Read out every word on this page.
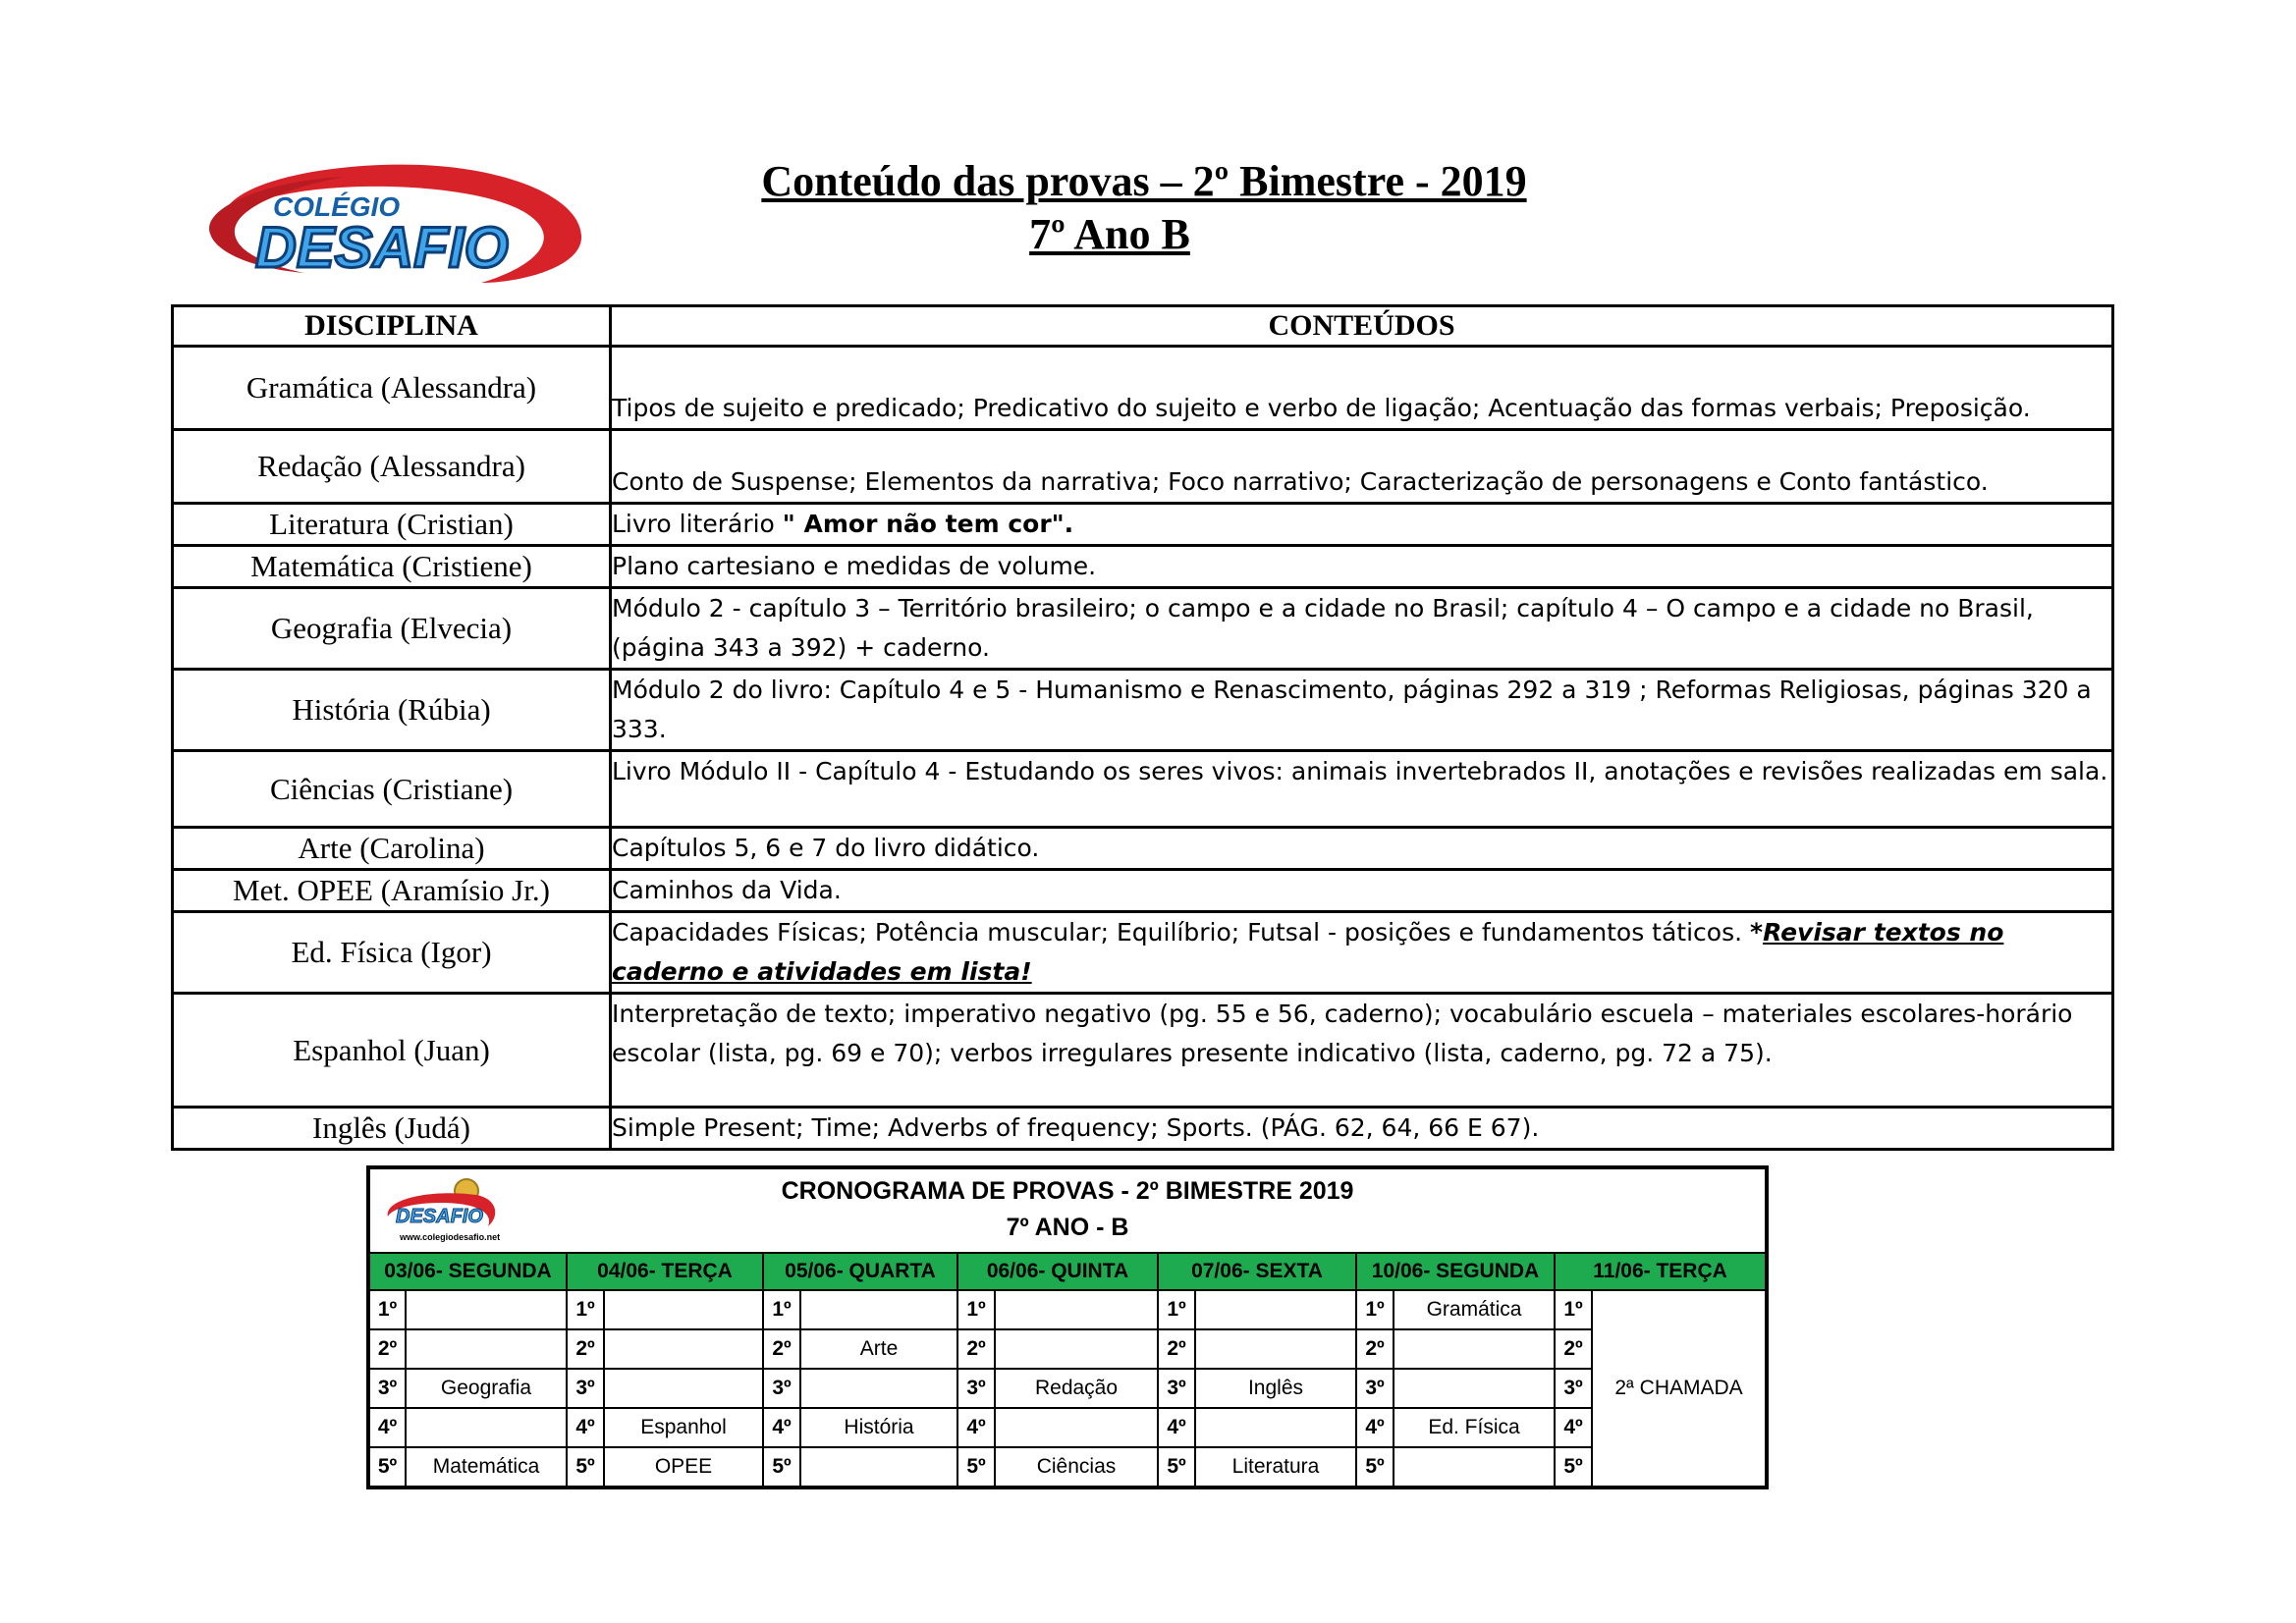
COLÉGIO
DESAFIO
Conteúdo das provas – 2º Bimestre - 2019
7º Ano B
DISCIPLINA	CONTEÚDOS
Gramática (Alessandra)	Tipos de sujeito e predicado; Predicativo do sujeito e verbo de ligação; Acentuação das formas verbais; Preposição.
Redação (Alessandra)	Conto de Suspense; Elementos da narrativa; Foco narrativo; Caracterização de personagens e Conto fantástico.
Literatura (Cristian)	Livro literário " Amor não tem cor".
Matemática (Cristiene)	Plano cartesiano e medidas de volume.
Geografia (Elvecia)	Módulo 2 - capítulo 3 – Território brasileiro; o campo e a cidade no Brasil; capítulo 4 – O campo e a cidade no Brasil, (página 343 a 392) + caderno.
História (Rúbia)	Módulo 2 do livro: Capítulo 4 e 5 - Humanismo e Renascimento, páginas 292 a 319 ; Reformas Religiosas, páginas 320 a 333.
Ciências (Cristiane)	Livro Módulo II - Capítulo 4 - Estudando os seres vivos: animais invertebrados II, anotações e revisões realizadas em sala.
Arte (Carolina)	Capítulos 5, 6 e 7 do livro didático.
Met. OPEE (Aramísio Jr.)	Caminhos da Vida.
Ed. Física (Igor)	Capacidades Físicas; Potência muscular; Equilíbrio; Futsal - posições e fundamentos táticos. *Revisar textos no caderno e atividades em lista!
Espanhol (Juan)	Interpretação de texto; imperativo negativo (pg. 55 e 56, caderno); vocabulário escuela – materiales escolares-horário escolar (lista, pg. 69 e 70); verbos irregulares presente indicativo (lista, caderno, pg. 72 a 75).
Inglês (Judá)	Simple Present; Time; Adverbs of frequency; Sports. (PÁG. 62, 64, 66 E 67).
DESAFIO
www.colegiodesafio.net
CRONOGRAMA DE PROVAS - 2º BIMESTRE 2019
7º ANO - B													

03/06- SEGUNDA		04/06- TERÇA		05/06- QUARTA		06/06- QUINTA		07/06- SEXTA		10/06- SEGUNDA		11/06- TERÇA	
1º		1º		1º		1º		1º		1º	Gramática	1º	2ª CHAMADA
2º		2º		2º	Arte	2º		2º		2º		2º	
3º	Geografia	3º		3º		3º	Redação	3º	Inglês	3º		3º	
4º		4º	Espanhol	4º	História	4º		4º		4º	Ed. Física	4º	
5º	Matemática	5º	OPEE	5º		5º	Ciências	5º	Literatura	5º		5º	
